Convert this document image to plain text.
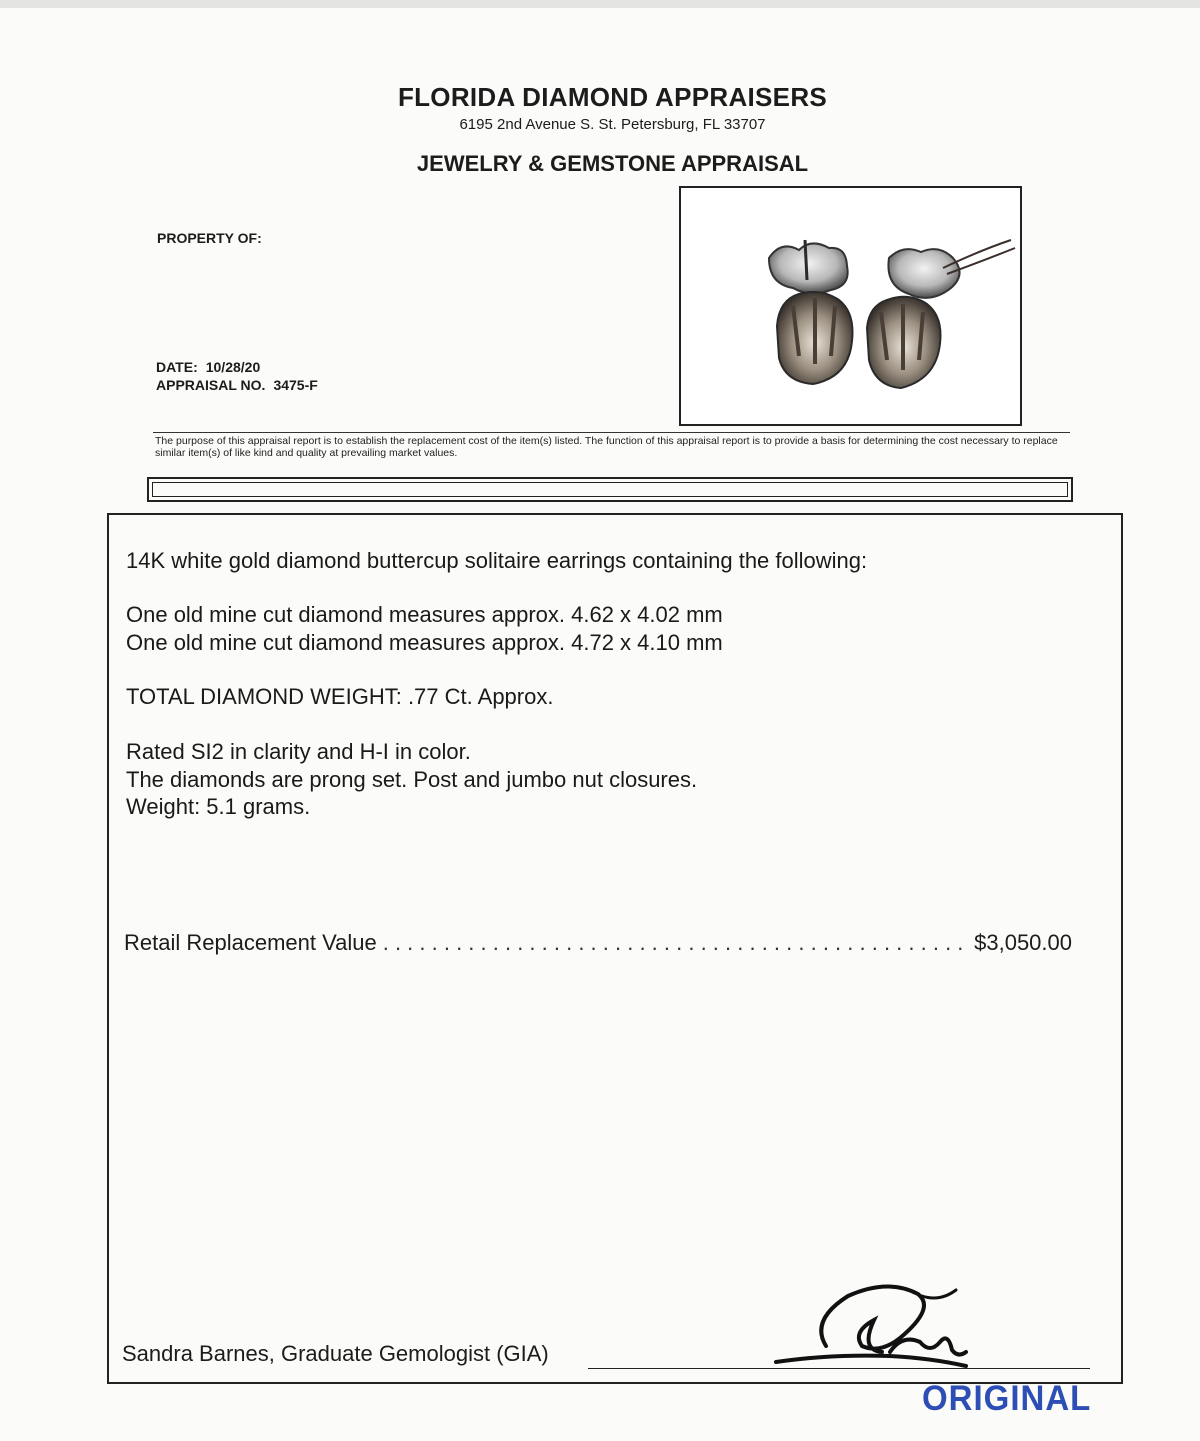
FLORIDA DIAMOND APPRAISERS
6195 2nd Avenue S. St. Petersburg, FL 33707
JEWELRY & GEMSTONE APPRAISAL
PROPERTY OF:
DATE: 10/28/20
APPRAISAL NO. 3475-F
The purpose of this appraisal report is to establish the replacement cost of the item(s) listed. The function of this appraisal report is to provide a basis for determining the cost necessary to replace similar item(s) of like kind and quality at prevailing market values.
14K white gold diamond buttercup solitaire earrings containing the following:
One old mine cut diamond measures approx. 4.62 x 4.02 mm
One old mine cut diamond measures approx. 4.72 x 4.10 mm
TOTAL DIAMOND WEIGHT: .77 Ct. Approx.
Rated SI2 in clarity and H-I in color.
The diamonds are prong set. Post and jumbo nut closures.
Weight: 5.1 grams.
Retail Replacement Value
. . .	$3,050.00
Sandra Barnes, Graduate Gemologist (GIA)
ORIGINAL
